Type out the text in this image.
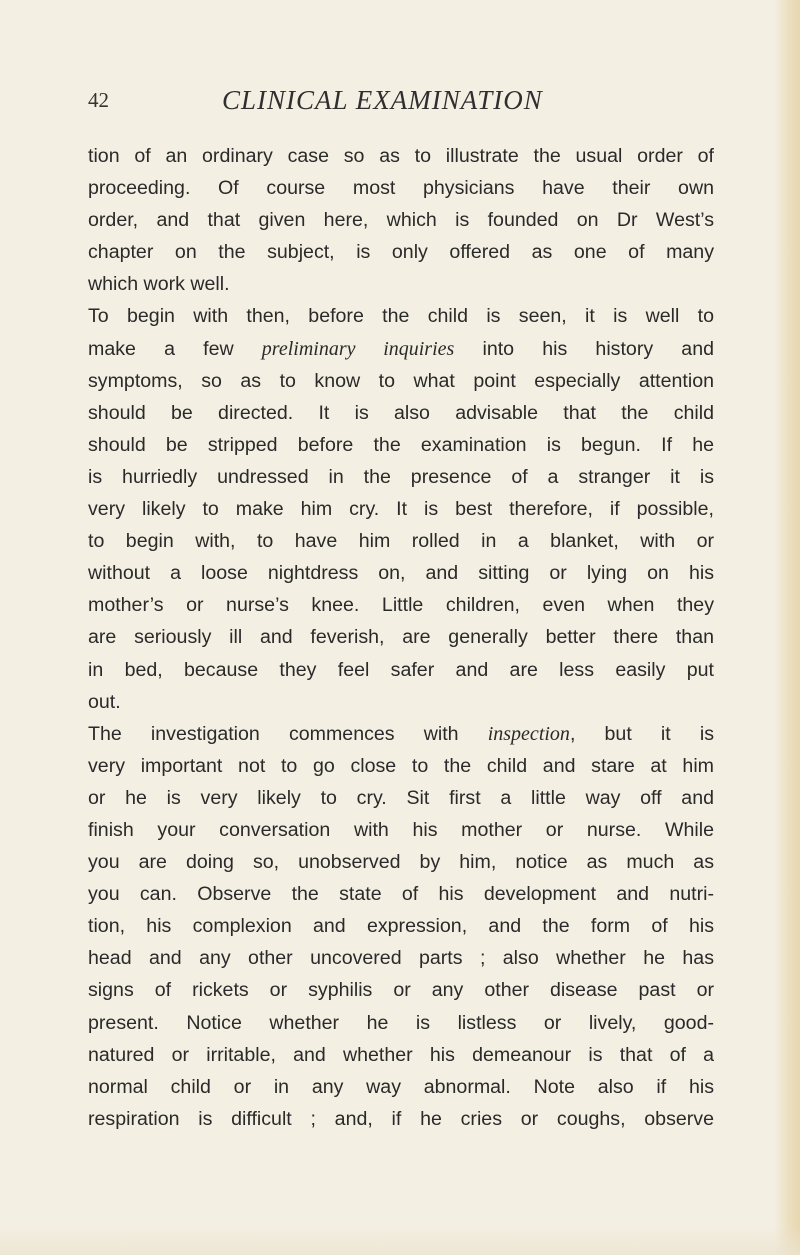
42	CLINICAL EXAMINATION
tion of an ordinary case so as to illustrate the usual order of
proceeding. Of course most physicians have their own
order, and that given here, which is founded on Dr West’s
chapter on the subject, is only offered as one of many
which work well.
To begin with then, before the child is seen, it is well to
make a few preliminary inquiries into his history and
symptoms, so as to know to what point especially attention
should be directed. It is also advisable that the child
should be stripped before the examination is begun. If he
is hurriedly undressed in the presence of a stranger it is
very likely to make him cry. It is best therefore, if possible,
to begin with, to have him rolled in a blanket, with or
without a loose nightdress on, and sitting or lying on his
mother’s or nurse’s knee. Little children, even when they
are seriously ill and feverish, are generally better there than
in bed, because they feel safer and are less easily put
out.
The investigation commences with inspection, but it is
very important not to go close to the child and stare at him
or he is very likely to cry. Sit first a little way off and
finish your conversation with his mother or nurse. While
you are doing so, unobserved by him, notice as much as
you can. Observe the state of his development and nutri-
tion, his complexion and expression, and the form of his
head and any other uncovered parts ; also whether he has
signs of rickets or syphilis or any other disease past or
present. Notice whether he is listless or lively, good-
natured or irritable, and whether his demeanour is that of a
normal child or in any way abnormal. Note also if his
respiration is difficult ; and, if he cries or coughs, observe
